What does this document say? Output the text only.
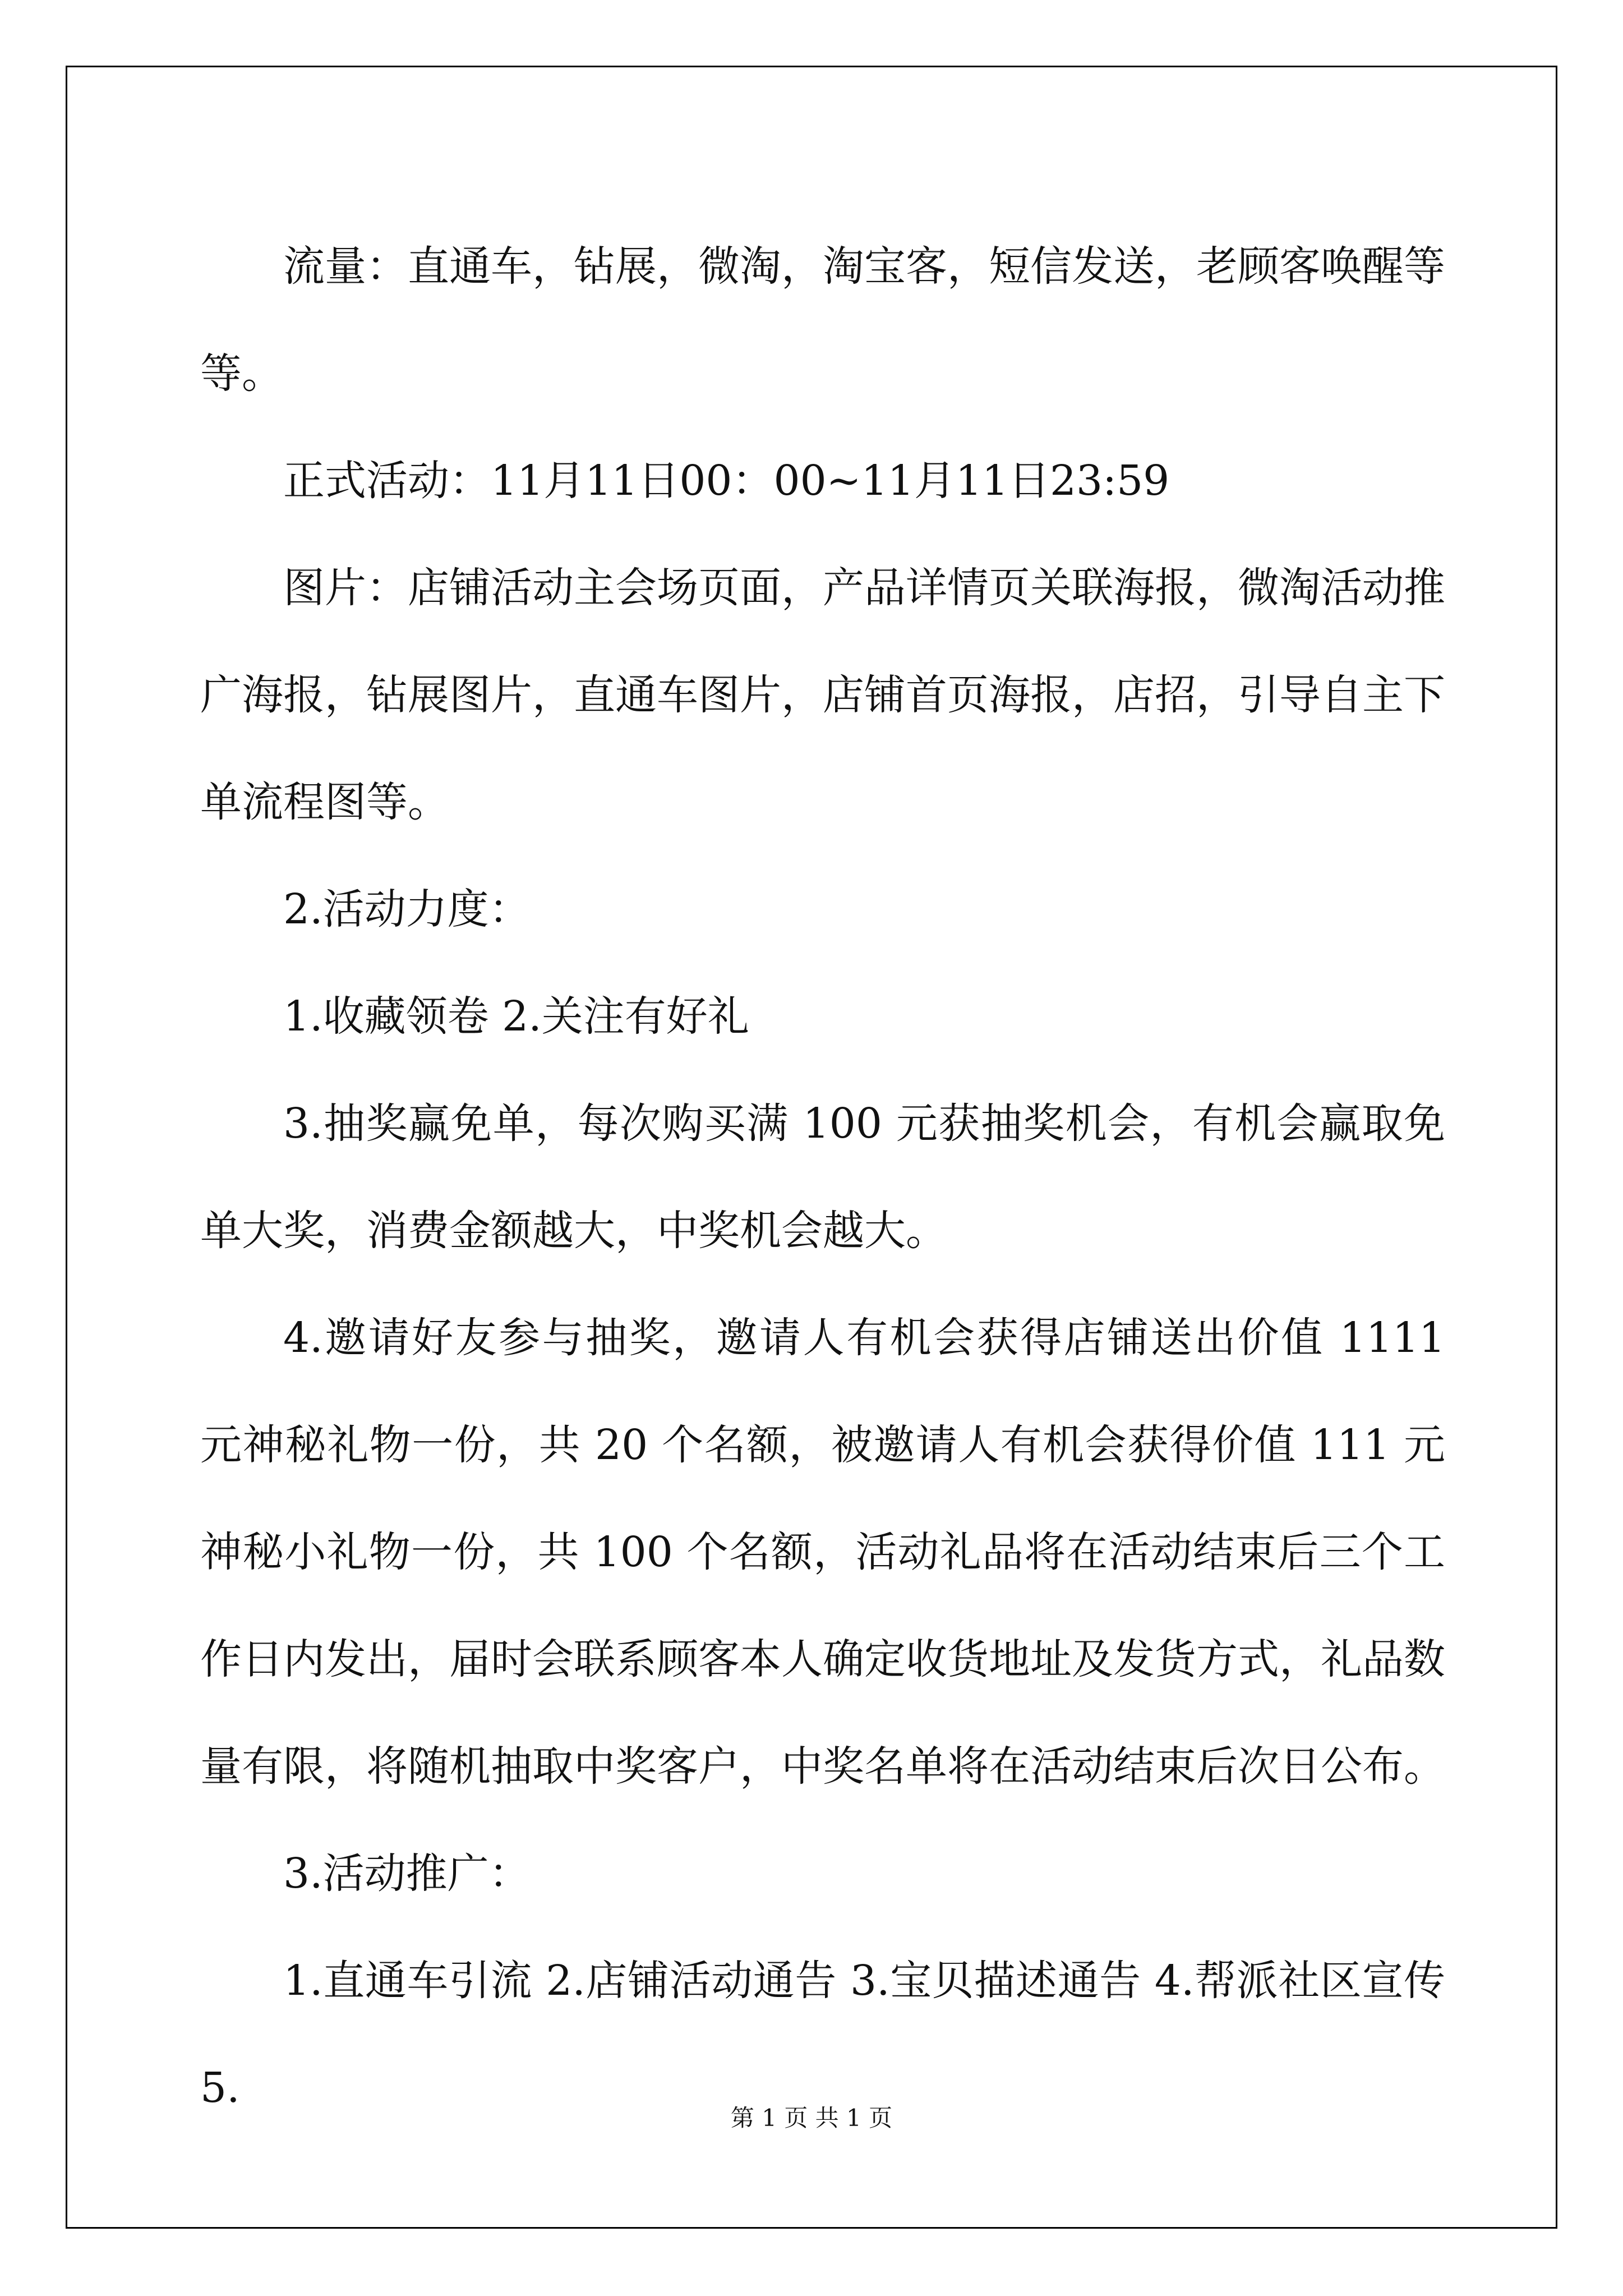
流量：直通车，钻展，微淘，淘宝客，短信发送，老顾客唤醒等等。

正式活动：11月11日00：00~11月11日23:59

图片：店铺活动主会场页面，产品详情页关联海报，微淘活动推广海报，钻展图片，直通车图片，店铺首页海报，店招，引导自主下单流程图等。

2.活动力度：

1.收藏领卷 2.关注有好礼

3.抽奖赢免单，每次购买满 100 元获抽奖机会，有机会赢取免单大奖，消费金额越大，中奖机会越大。

4.邀请好友参与抽奖，邀请人有机会获得店铺送出价值 1111 元神秘礼物一份，共 20 个名额，被邀请人有机会获得价值 111 元神秘小礼物一份，共 100 个名额，活动礼品将在活动结束后三个工作日内发出，届时会联系顾客本人确定收货地址及发货方式，礼品数量有限，将随机抽取中奖客户，中奖名单将在活动结束后次日公布。

3.活动推广：

1.直通车引流 2.店铺活动通告 3.宝贝描述通告 4.帮派社区宣传 5.

第 1 页 共 1 页
